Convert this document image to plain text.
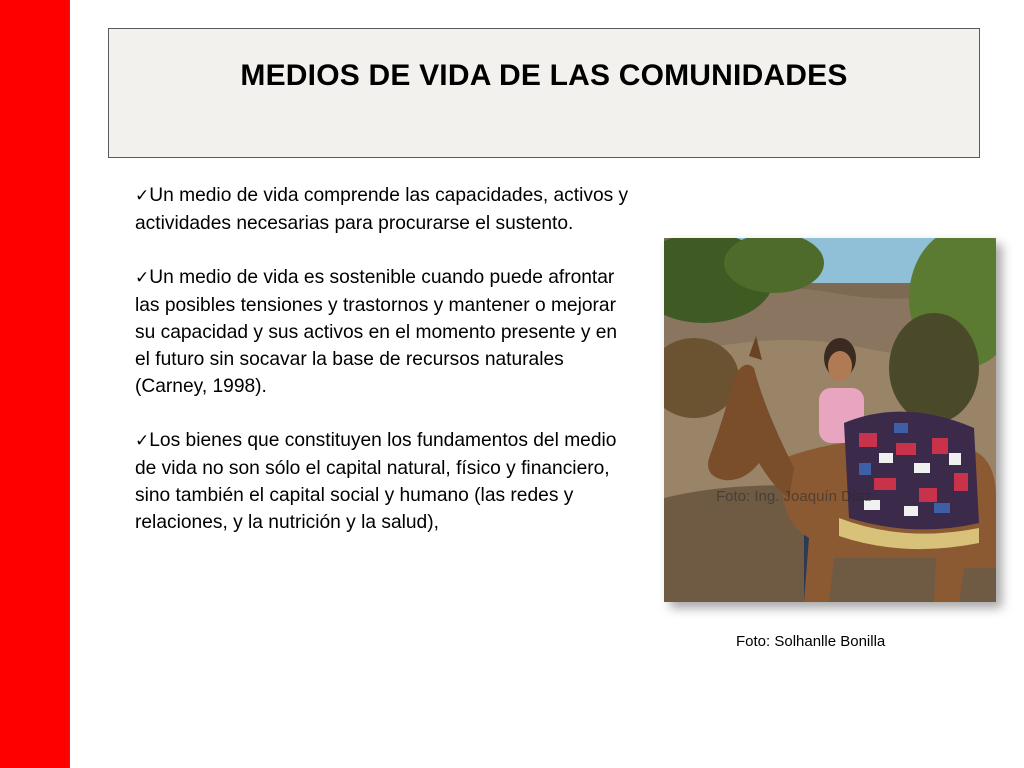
MEDIOS DE VIDA DE LAS COMUNIDADES

✓Un medio de vida comprende las capacidades, activos y actividades necesarias para procurarse el sustento.

✓Un medio de vida es sostenible cuando puede afrontar las posibles tensiones y trastornos y mantener o mejorar su capacidad y sus activos en el momento presente y en el futuro sin socavar la base de recursos naturales (Carney, 1998).

✓Los bienes que constituyen los fundamentos del medio de vida no son sólo el capital natural, físico y financiero, sino también el capital social y humano (las redes y relaciones, y la nutrición y la salud),

Foto: Ing. Joaquín Díaz
Foto: Solhanlle Bonilla
